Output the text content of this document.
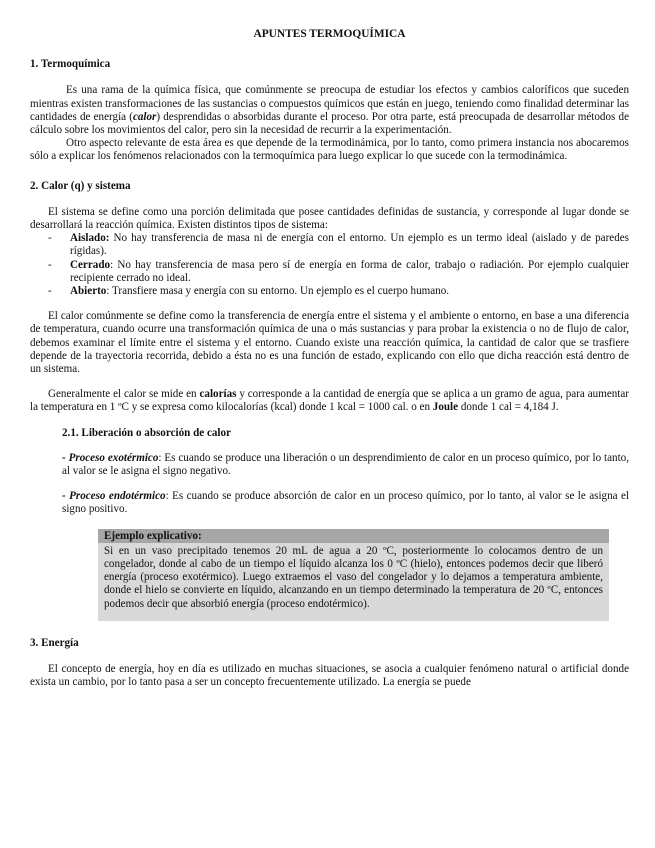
APUNTES TERMOQUÍMICA
1. Termoquímica

Es una rama de la química física, que comúnmente se preocupa de estudiar los efectos y cambios caloríficos que suceden mientras existen transformaciones de las sustancias o compuestos químicos que están en juego, teniendo como finalidad determinar las cantidades de energía (calor) desprendidas o absorbidas durante el proceso. Por otra parte, está preocupada de desarrollar métodos de cálculo sobre los movimientos del calor, pero sin la necesidad de recurrir a la experimentación.

Otro aspecto relevante de esta área es que depende de la termodinámica, por lo tanto, como primera instancia nos abocaremos sólo a explicar los fenómenos relacionados con la termoquímica para luego explicar lo que sucede con la termodinámica.

2. Calor (q) y sistema

El sistema se define como una porción delimitada que posee cantidades definidas de sustancia, y corresponde al lugar donde se desarrollará la reacción química. Existen distintos tipos de sistema:

- Aislado: No hay transferencia de masa ni de energía con el entorno. Un ejemplo es un termo ideal (aislado y de paredes rígidas).
- Cerrado: No hay transferencia de masa pero sí de energía en forma de calor, trabajo o radiación. Por ejemplo cualquier recipiente cerrado no ideal.
- Abierto: Transfiere masa y energía con su entorno. Un ejemplo es el cuerpo humano.

El calor comúnmente se define como la transferencia de energía entre el sistema y el ambiente o entorno, en base a una diferencia de temperatura, cuando ocurre una transformación química de una o más sustancias y para probar la existencia o no de flujo de calor, debemos examinar el límite entre el sistema y el entorno. Cuando existe una reacción química, la cantidad de calor que se trasfiere depende de la trayectoria recorrida, debido a ésta no es una función de estado, explicando con ello que dicha reacción está dentro de un sistema.

Generalmente el calor se mide en calorías y corresponde a la cantidad de energía que se aplica a un gramo de agua, para aumentar la temperatura en 1 ºC y se expresa como kilocalorías (kcal) donde 1 kcal = 1000 cal. o en Joule donde 1 cal = 4,184 J.

2.1. Liberación o absorción de calor

- Proceso exotérmico: Es cuando se produce una liberación o un desprendimiento de calor en un proceso químico, por lo tanto, al valor se le asigna el signo negativo.

- Proceso endotérmico: Es cuando se produce absorción de calor en un proceso químico, por lo tanto, al valor se le asigna el signo positivo.

Ejemplo explicativo:

Si en un vaso precipitado tenemos 20 mL de agua a 20 ºC, posteriormente lo colocamos dentro de un congelador, donde al cabo de un tiempo el líquido alcanza los 0 ºC (hielo), entonces podemos decir que liberó energía (proceso exotérmico). Luego extraemos el vaso del congelador y lo dejamos a temperatura ambiente, donde el hielo se convierte en líquido, alcanzando en un tiempo determinado la temperatura de 20 ºC, entonces podemos decir que absorbió energía (proceso endotérmico).

3. Energía

El concepto de energía, hoy en día es utilizado en muchas situaciones, se asocia a cualquier fenómeno natural o artificial donde exista un cambio, por lo tanto pasa a ser un concepto frecuentemente utilizado. La energía se puede
